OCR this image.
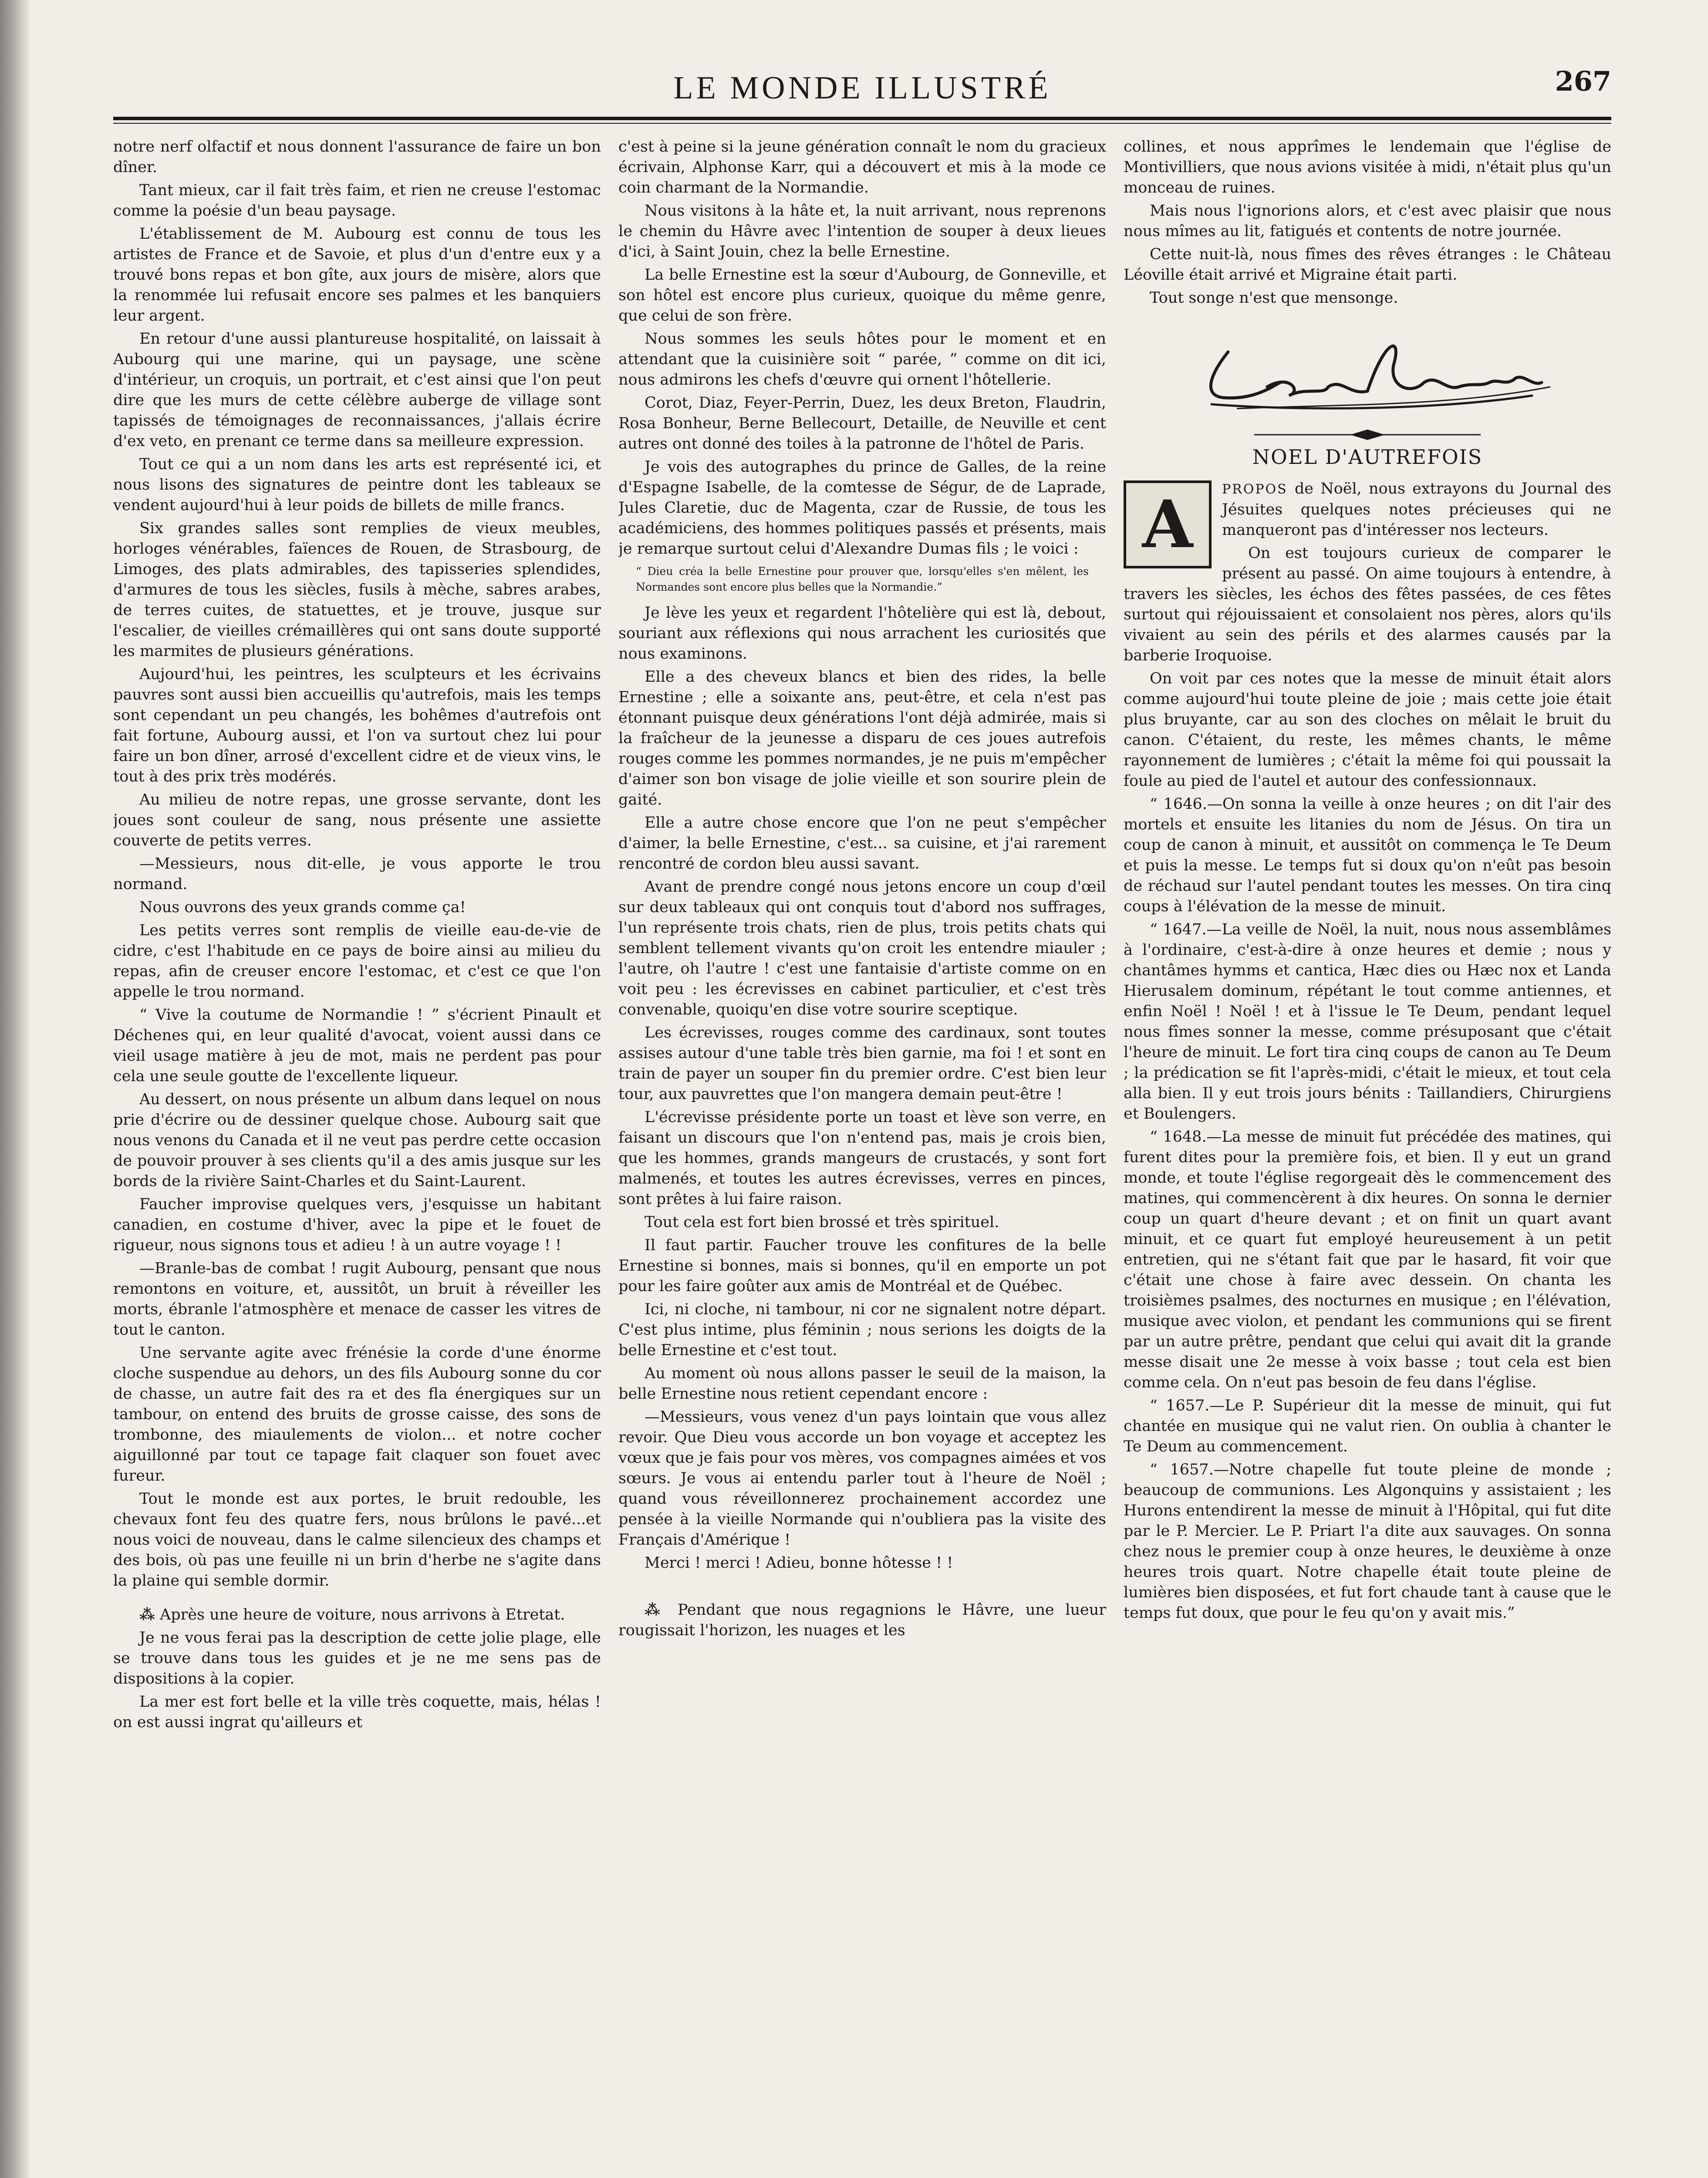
LE MONDE ILLUSTRÉ	267

notre nerf olfactif et nous donnent l'assurance de faire un bon dîner.

Tant mieux, car il fait très faim, et rien ne creuse l'estomac comme la poésie d'un beau paysage.

L'établissement de M. Aubourg est connu de tous les artistes de France et de Savoie, et plus d'un d'entre eux y a trouvé bons repas et bon gîte, aux jours de misère, alors que la renommée lui refusait encore ses palmes et les banquiers leur argent.

En retour d'une aussi plantureuse hospitalité, on laissait à Aubourg qui une marine, qui un paysage, une scène d'intérieur, un croquis, un portrait, et c'est ainsi que l'on peut dire que les murs de cette célèbre auberge de village sont tapissés de témoignages de reconnaissances, j'allais écrire d'ex veto, en prenant ce terme dans sa meilleure expression.

Tout ce qui a un nom dans les arts est représenté ici, et nous lisons des signatures de peintre dont les tableaux se vendent aujourd'hui à leur poids de billets de mille francs.

Six grandes salles sont remplies de vieux meubles, horloges vénérables, faïences de Rouen, de Strasbourg, de Limoges, des plats admirables, des tapisseries splendides, d'armures de tous les siècles, fusils à mèche, sabres arabes, de terres cuites, de statuettes, et je trouve, jusque sur l'escalier, de vieilles crémaillères qui ont sans doute supporté les marmites de plusieurs générations.

Aujourd'hui, les peintres, les sculpteurs et les écrivains pauvres sont aussi bien accueillis qu'autrefois, mais les temps sont cependant un peu changés, les bohêmes d'autrefois ont fait fortune, Aubourg aussi, et l'on va surtout chez lui pour faire un bon dîner, arrosé d'excellent cidre et de vieux vins, le tout à des prix très modérés.

Au milieu de notre repas, une grosse servante, dont les joues sont couleur de sang, nous présente une assiette couverte de petits verres.

—Messieurs, nous dit-elle, je vous apporte le trou normand.

Nous ouvrons des yeux grands comme ça!

Les petits verres sont remplis de vieille eau-de-vie de cidre, c'est l'habitude en ce pays de boire ainsi au milieu du repas, afin de creuser encore l'estomac, et c'est ce que l'on appelle le trou normand.

“ Vive la coutume de Normandie ! ” s'écrient Pinault et Déchenes qui, en leur qualité d'avocat, voient aussi dans ce vieil usage matière à jeu de mot, mais ne perdent pas pour cela une seule goutte de l'excellente liqueur.

Au dessert, on nous présente un album dans lequel on nous prie d'écrire ou de dessiner quelque chose. Aubourg sait que nous venons du Canada et il ne veut pas perdre cette occasion de pouvoir prouver à ses clients qu'il a des amis jusque sur les bords de la rivière Saint-Charles et du Saint-Laurent.

Faucher improvise quelques vers, j'esquisse un habitant canadien, en costume d'hiver, avec la pipe et le fouet de rigueur, nous signons tous et adieu ! à un autre voyage ! !

—Branle-bas de combat ! rugit Aubourg, pensant que nous remontons en voiture, et, aussitôt, un bruit à réveiller les morts, ébranle l'atmosphère et menace de casser les vitres de tout le canton.

Une servante agite avec frénésie la corde d'une énorme cloche suspendue au dehors, un des fils Aubourg sonne du cor de chasse, un autre fait des ra et des fla énergiques sur un tambour, on entend des bruits de grosse caisse, des sons de trombonne, des miaulements de violon... et notre cocher aiguillonné par tout ce tapage fait claquer son fouet avec fureur.

Tout le monde est aux portes, le bruit redouble, les chevaux font feu des quatre fers, nous brûlons le pavé...et nous voici de nouveau, dans le calme silencieux des champs et des bois, où pas une feuille ni un brin d'herbe ne s'agite dans la plaine qui semble dormir.

⁂ Après une heure de voiture, nous arrivons à Etretat.

Je ne vous ferai pas la description de cette jolie plage, elle se trouve dans tous les guides et je ne me sens pas de dispositions à la copier.

La mer est fort belle et la ville très coquette, mais, hélas ! on est aussi ingrat qu'ailleurs et

c'est à peine si la jeune génération connaît le nom du gracieux écrivain, Alphonse Karr, qui a découvert et mis à la mode ce coin charmant de la Normandie.

Nous visitons à la hâte et, la nuit arrivant, nous reprenons le chemin du Hâvre avec l'intention de souper à deux lieues d'ici, à Saint Jouin, chez la belle Ernestine.

La belle Ernestine est la sœur d'Aubourg, de Gonneville, et son hôtel est encore plus curieux, quoique du même genre, que celui de son frère.

Nous sommes les seuls hôtes pour le moment et en attendant que la cuisinière soit “ parée, ” comme on dit ici, nous admirons les chefs d'œuvre qui ornent l'hôtellerie.

Corot, Diaz, Feyer-Perrin, Duez, les deux Breton, Flaudrin, Rosa Bonheur, Berne Bellecourt, Detaille, de Neuville et cent autres ont donné des toiles à la patronne de l'hôtel de Paris.

Je vois des autographes du prince de Galles, de la reine d'Espagne Isabelle, de la comtesse de Ségur, de de Laprade, Jules Claretie, duc de Magenta, czar de Russie, de tous les académiciens, des hommes politiques passés et présents, mais je remarque surtout celui d'Alexandre Dumas fils ; le voici :

“ Dieu créa la belle Ernestine pour prouver que, lorsqu'elles s'en mêlent, les Normandes sont encore plus belles que la Normandie.”

Je lève les yeux et regardent l'hôtelière qui est là, debout, souriant aux réflexions qui nous arrachent les curiosités que nous examinons.

Elle a des cheveux blancs et bien des rides, la belle Ernestine ; elle a soixante ans, peut-être, et cela n'est pas étonnant puisque deux générations l'ont déjà admirée, mais si la fraîcheur de la jeunesse a disparu de ces joues autrefois rouges comme les pommes normandes, je ne puis m'empêcher d'aimer son bon visage de jolie vieille et son sourire plein de gaité.

Elle a autre chose encore que l'on ne peut s'empêcher d'aimer, la belle Ernestine, c'est... sa cuisine, et j'ai rarement rencontré de cordon bleu aussi savant.

Avant de prendre congé nous jetons encore un coup d'œil sur deux tableaux qui ont conquis tout d'abord nos suffrages, l'un représente trois chats, rien de plus, trois petits chats qui semblent tellement vivants qu'on croit les entendre miauler ; l'autre, oh l'autre ! c'est une fantaisie d'artiste comme on en voit peu : les écrevisses en cabinet particulier, et c'est très convenable, quoiqu'en dise votre sourire sceptique.

Les écrevisses, rouges comme des cardinaux, sont toutes assises autour d'une table très bien garnie, ma foi ! et sont en train de payer un souper fin du premier ordre. C'est bien leur tour, aux pauvrettes que l'on mangera demain peut-être !

L'écrevisse présidente porte un toast et lève son verre, en faisant un discours que l'on n'entend pas, mais je crois bien, que les hommes, grands mangeurs de crustacés, y sont fort malmenés, et toutes les autres écrevisses, verres en pinces, sont prêtes à lui faire raison.

Tout cela est fort bien brossé et très spirituel.

Il faut partir. Faucher trouve les confitures de la belle Ernestine si bonnes, mais si bonnes, qu'il en emporte un pot pour les faire goûter aux amis de Montréal et de Québec.

Ici, ni cloche, ni tambour, ni cor ne signalent notre départ. C'est plus intime, plus féminin ; nous serions les doigts de la belle Ernestine et c'est tout.

Au moment où nous allons passer le seuil de la maison, la belle Ernestine nous retient cependant encore :

—Messieurs, vous venez d'un pays lointain que vous allez revoir. Que Dieu vous accorde un bon voyage et acceptez les vœux que je fais pour vos mères, vos compagnes aimées et vos sœurs. Je vous ai entendu parler tout à l'heure de Noël ; quand vous réveillonnerez prochainement accordez une pensée à la vieille Normande qui n'oubliera pas la visite des Français d'Amérique !

Merci ! merci ! Adieu, bonne hôtesse ! !

⁂ Pendant que nous regagnions le Hâvre, une lueur rougissait l'horizon, les nuages et les

collines, et nous apprîmes le lendemain que l'église de Montivilliers, que nous avions visitée à midi, n'était plus qu'un monceau de ruines.

Mais nous l'ignorions alors, et c'est avec plaisir que nous nous mîmes au lit, fatigués et contents de notre journée.

Cette nuit-là, nous fîmes des rêves étranges : le Château Léoville était arrivé et Migraine était parti.

Tout songe n'est que mensonge.

NOEL D'AUTREFOIS

A	PROPOS de Noël, nous extrayons du Journal des Jésuites quelques notes précieuses qui ne manqueront pas d'intéresser nos lecteurs.

On est toujours curieux de comparer le présent au passé. On aime toujours à entendre, à travers les siècles, les échos des fêtes passées, de ces fêtes surtout qui réjouissaient et consolaient nos pères, alors qu'ils vivaient au sein des périls et des alarmes causés par la barberie Iroquoise.

On voit par ces notes que la messe de minuit était alors comme aujourd'hui toute pleine de joie ; mais cette joie était plus bruyante, car au son des cloches on mêlait le bruit du canon. C'étaient, du reste, les mêmes chants, le même rayonnement de lumières ; c'était la même foi qui poussait la foule au pied de l'autel et autour des confessionnaux.

“ 1646.—On sonna la veille à onze heures ; on dit l'air des mortels et ensuite les litanies du nom de Jésus. On tira un coup de canon à minuit, et aussitôt on commença le Te Deum et puis la messe. Le temps fut si doux qu'on n'eût pas besoin de réchaud sur l'autel pendant toutes les messes. On tira cinq coups à l'élévation de la messe de minuit.

“ 1647.—La veille de Noël, la nuit, nous nous assemblâmes à l'ordinaire, c'est-à-dire à onze heures et demie ; nous y chantâmes hymms et cantica, Hæc dies ou Hæc nox et Landa Hierusalem dominum, répétant le tout comme antiennes, et enfin Noël ! Noël ! et à l'issue le Te Deum, pendant lequel nous fîmes sonner la messe, comme présuposant que c'était l'heure de minuit. Le fort tira cinq coups de canon au Te Deum ; la prédication se fit l'après-midi, c'était le mieux, et tout cela alla bien. Il y eut trois jours bénits : Taillandiers, Chirurgiens et Boulengers.

“ 1648.—La messe de minuit fut précédée des matines, qui furent dites pour la première fois, et bien. Il y eut un grand monde, et toute l'église regorgeait dès le commencement des matines, qui commencèrent à dix heures. On sonna le dernier coup un quart d'heure devant ; et on finit un quart avant minuit, et ce quart fut employé heureusement à un petit entretien, qui ne s'étant fait que par le hasard, fit voir que c'était une chose à faire avec dessein. On chanta les troisièmes psalmes, des nocturnes en musique ; en l'élévation, musique avec violon, et pendant les communions qui se firent par un autre prêtre, pendant que celui qui avait dit la grande messe disait une 2e messe à voix basse ; tout cela est bien comme cela. On n'eut pas besoin de feu dans l'église.

“ 1657.—Le P. Supérieur dit la messe de minuit, qui fut chantée en musique qui ne valut rien. On oublia à chanter le Te Deum au commencement.

“ 1657.—Notre chapelle fut toute pleine de monde ; beaucoup de communions. Les Algonquins y assistaient ; les Hurons entendirent la messe de minuit à l'Hôpital, qui fut dite par le P. Mercier. Le P. Priart l'a dite aux sauvages. On sonna chez nous le premier coup à onze heures, le deuxième à onze heures trois quart. Notre chapelle était toute pleine de lumières bien disposées, et fut fort chaude tant à cause que le temps fut doux, que pour le feu qu'on y avait mis.”
